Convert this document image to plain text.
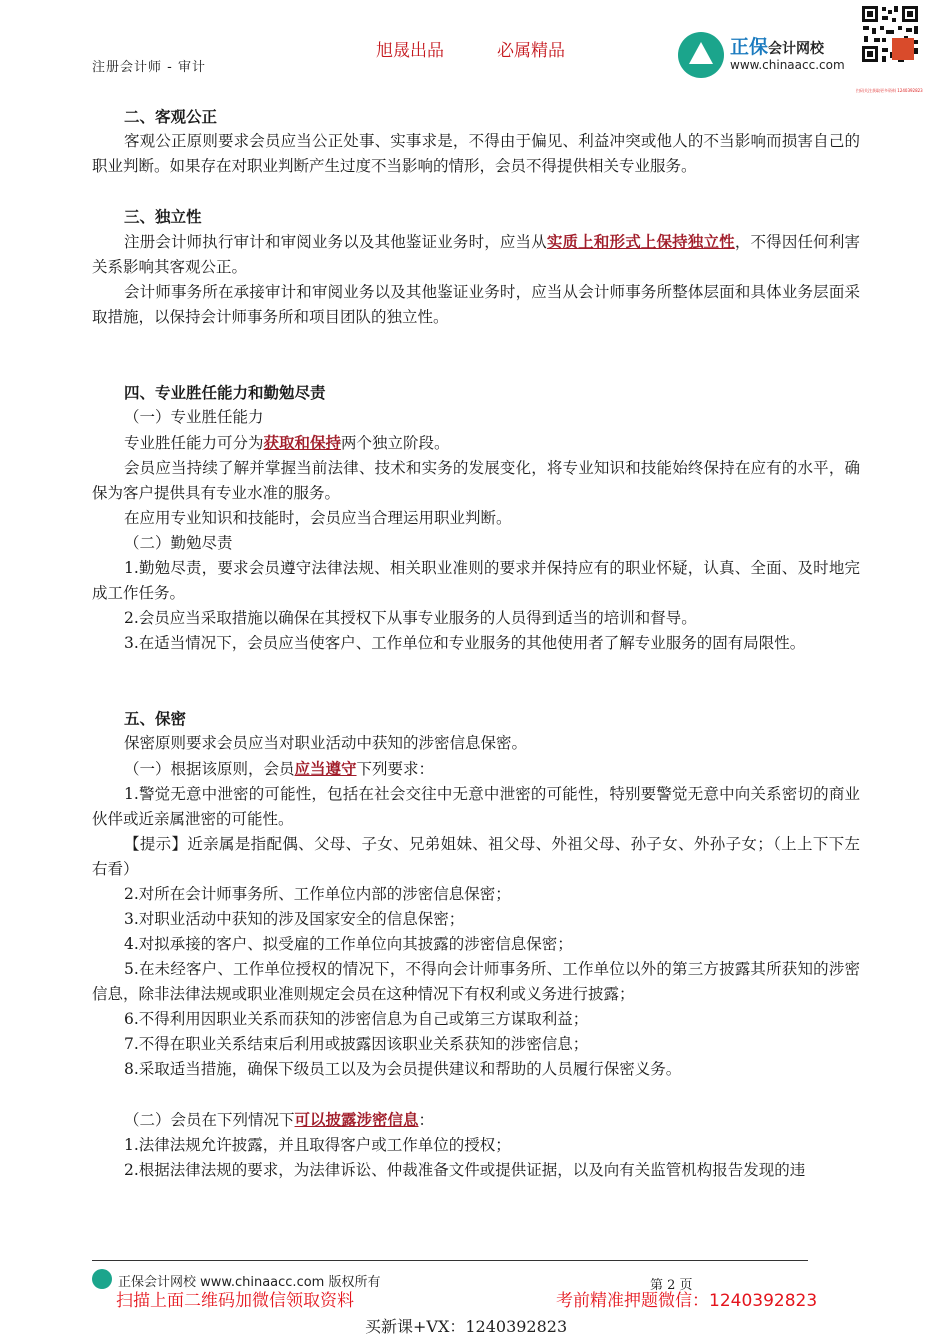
注册会计师 - 审计
旭晟出品	必属精品	正保会计网校
www.chinaacc.com
扫码关注获取更多资料 1240392823

二、客观公正

客观公正原则要求会员应当公正处事、实事求是，不得由于偏见、利益冲突或他人的不当影响而损害自己的职业判断。如果存在对职业判断产生过度不当影响的情形，会员不得提供相关专业服务。

三、独立性

注册会计师执行审计和审阅业务以及其他鉴证业务时，应当从实质上和形式上保持独立性，不得因任何利害关系影响其客观公正。

会计师事务所在承接审计和审阅业务以及其他鉴证业务时，应当从会计师事务所整体层面和具体业务层面采取措施，以保持会计师事务所和项目团队的独立性。

四、专业胜任能力和勤勉尽责

（一）专业胜任能力

专业胜任能力可分为获取和保持两个独立阶段。

会员应当持续了解并掌握当前法律、技术和实务的发展变化，将专业知识和技能始终保持在应有的水平，确保为客户提供具有专业水准的服务。

在应用专业知识和技能时，会员应当合理运用职业判断。

（二）勤勉尽责

1.勤勉尽责，要求会员遵守法律法规、相关职业准则的要求并保持应有的职业怀疑，认真、全面、及时地完成工作任务。

2.会员应当采取措施以确保在其授权下从事专业服务的人员得到适当的培训和督导。

3.在适当情况下，会员应当使客户、工作单位和专业服务的其他使用者了解专业服务的固有局限性。

五、保密

保密原则要求会员应当对职业活动中获知的涉密信息保密。

（一）根据该原则，会员应当遵守下列要求：

1.警觉无意中泄密的可能性，包括在社会交往中无意中泄密的可能性，特别要警觉无意中向关系密切的商业伙伴或近亲属泄密的可能性。

【提示】近亲属是指配偶、父母、子女、兄弟姐妹、祖父母、外祖父母、孙子女、外孙子女；（上上下下左右看）

2.对所在会计师事务所、工作单位内部的涉密信息保密；

3.对职业活动中获知的涉及国家安全的信息保密；

4.对拟承接的客户、拟受雇的工作单位向其披露的涉密信息保密；

5.在未经客户、工作单位授权的情况下，不得向会计师事务所、工作单位以外的第三方披露其所获知的涉密信息，除非法律法规或职业准则规定会员在这种情况下有权利或义务进行披露；

6.不得利用因职业关系而获知的涉密信息为自己或第三方谋取利益；

7.不得在职业关系结束后利用或披露因该职业关系获知的涉密信息；

8.采取适当措施，确保下级员工以及为会员提供建议和帮助的人员履行保密义务。

（二）会员在下列情况下可以披露涉密信息：

1.法律法规允许披露，并且取得客户或工作单位的授权；

2.根据法律法规的要求，为法律诉讼、仲裁准备文件或提供证据，以及向有关监管机构报告发现的违

正保会计网校 www.chinaacc.com 版权所有	第 2 页
扫描上面二维码加微信领取资料	考前精准押题微信：1240392823
买新课+VX：1240392823
